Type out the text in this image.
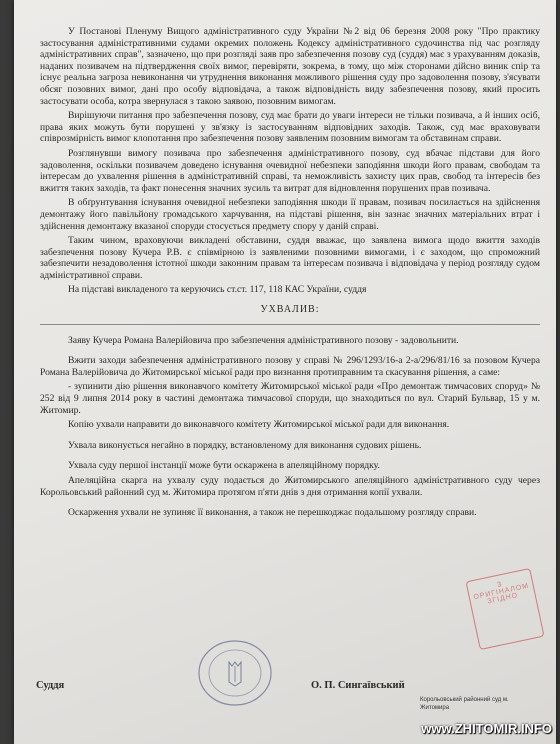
У Постанові Пленуму Вищого адміністративного суду України №2 від 06 березня 2008 року "Про практику застосування адміністративними судами окремих положень Кодексу адміністративного судочинства під час розгляду адміністративних справ", зазначено, що при розгляді заяв про забезпечення позову суд (суддя) має з урахуванням доказів, наданих позивачем на підтвердження своїх вимог, перевіряти, зокрема, в тому, що між сторонами дійсно виник спір та існує реальна загроза невиконання чи утруднення виконання можливого рішення суду про задоволення позову, з'ясувати обсяг позовних вимог, дані про особу відповідача, а також відповідність виду забезпечення позову, який просить застосувати особа, котра звернулася з такою заявою, позовним вимогам.

Вирішуючи питання про забезпечення позову, суд має брати до уваги інтереси не тільки позивача, а й інших осіб, права яких можуть бути порушені у зв'язку із застосуванням відповідних заходів. Також, суд має враховувати співрозмірність вимог клопотання про забезпечення позову заявленим позовним вимогам та обставинам справи.

Розглянувши вимогу позивача про забезпечення адміністративного позову, суд вбачає підстави для його задоволення, оскільки позивачем доведено існування очевидної небезпеки заподіяння шкоди його правам, свободам та інтересам до ухвалення рішення в адміністративній справі, та неможливість захисту цих прав, свобод та інтересів без вжиття таких заходів, та факт понесення значних зусиль та витрат для відновлення порушених прав позивача.

В обґрунтування існування очевидної небезпеки заподіяння шкоди її правам, позивач посилається на здійснення демонтажу його павільйону громадського харчування, на підставі рішення, він зазнає значних матеріальних втрат і здійснення демонтажу вказаної споруди стосується предмету спору у даній справі.

Таким чином, враховуючи викладені обставини, суддя вважає, що заявлена вимога щодо вжиття заходів забезпечення позову Кучера Р.В. є співмірною із заявленими позовними вимогами, і є заходом, що спроможний забезпечити незадоволення істотної шкоди законним правам та інтересам позивача і відповідача у період розгляду судом адміністративної справи.

На підставі викладеного та керуючись ст.ст. 117, 118 КАС України, суддя

УХВАЛИВ:

Заяву Кучера Романа Валерійовича про забезпечення адміністративного позову - задовольнити.

Вжити заходи забезпечення адміністративного позову у справі № 296/1293/16-а 2-а/296/81/16 за позовом Кучера Романа Валерійовича до Житомирської міської ради про визнання протиправним та скасування рішення, а саме:

- зупинити дію рішення виконавчого комітету Житомирської міської ради «Про демонтаж тимчасових споруд» № 252 від 9 липня 2014 року в частині демонтажа тимчасової споруди, що знаходиться по вул. Старий Бульвар, 15 у м. Житомир.

Копію ухвали направити до виконавчого комітету Житомирської міської ради для виконання.

Ухвала виконується негайно в порядку, встановленому для виконання судових рішень.

Ухвала суду першої інстанції може бути оскаржена в апеляційному порядку.

Апеляційна скарга на ухвалу суду подається до Житомирського апеляційного адміністративного суду через Корольовський районний суд м. Житомира протягом п'яти днів з дня отримання копії ухвали.

Оскарження ухвали не зупиняє її виконання, а також не перешкоджає подальшому розгляду справи.

З ОРИГІНАЛОМ ЗГІДНО
Суддя	О. П. Сингаївський
Корольовський районний суд м. Житомира
www.ZHITOMIR.INFO
